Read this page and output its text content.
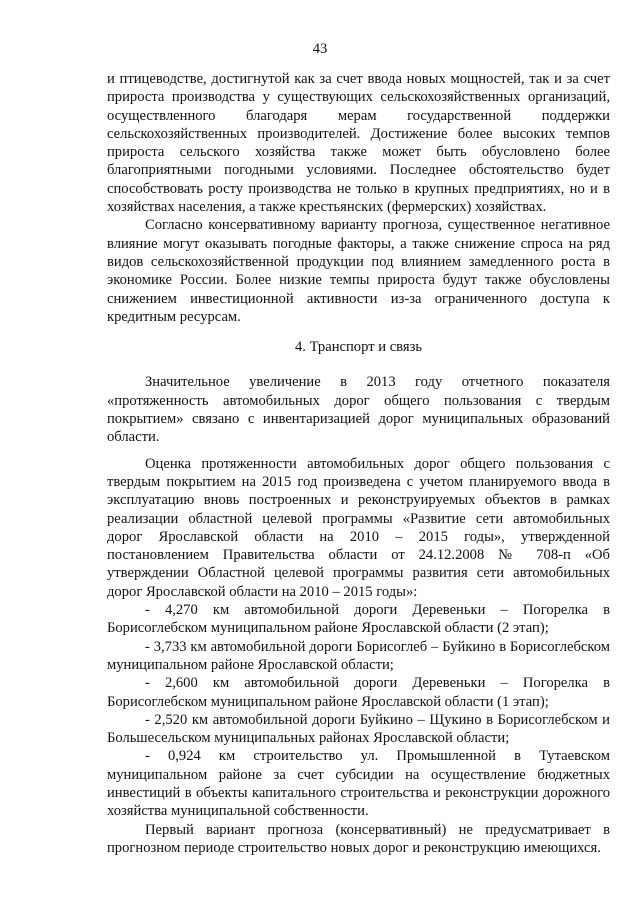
43

и птицеводстве, достигнутой как за счет ввода новых мощностей, так и за счет прироста производства у существующих сельскохозяйственных организаций, осуществленного благодаря мерам государственной поддержки сельскохозяйственных производителей. Достижение более высоких темпов прироста сельского хозяйства также может быть обусловлено более благоприятными погодными условиями. Последнее обстоятельство будет способствовать росту производства не только в крупных предприятиях, но и в хозяйствах населения, а также крестьянских (фермерских) хозяйствах.

Согласно консервативному варианту прогноза, существенное негативное влияние могут оказывать погодные факторы, а также снижение спроса на ряд видов сельскохозяйственной продукции под влиянием замедленного роста в экономике России. Более низкие темпы прироста будут также обусловлены снижением инвестиционной активности из-за ограниченного доступа к кредитным ресурсам.

4. Транспорт и связь

Значительное увеличение в 2013 году отчетного показателя «протяженность автомобильных дорог общего пользования с твердым покрытием» связано с инвентаризацией дорог муниципальных образований области.

Оценка протяженности автомобильных дорог общего пользования с твердым покрытием на 2015 год произведена с учетом планируемого ввода в эксплуатацию вновь построенных и реконструируемых объектов в рамках реализации областной целевой программы «Развитие сети автомобильных дорог Ярославской области на 2010 – 2015 годы», утвержденной постановлением Правительства области от 24.12.2008 № 708-п «Об утверждении Областной целевой программы развития сети автомобильных дорог Ярославской области на 2010 – 2015 годы»:

- 4,270 км автомобильной дороги Деревеньки – Погорелка в Борисоглебском муниципальном районе Ярославской области (2 этап);

- 3,733 км автомобильной дороги Борисоглеб – Буйкино в Борисоглебском муниципальном районе Ярославской области;

- 2,600 км автомобильной дороги Деревеньки – Погорелка в Борисоглебском муниципальном районе Ярославской области (1 этап);

- 2,520 км автомобильной дороги Буйкино – Щукино в Борисоглебском и Большесельском муниципальных районах Ярославской области;

- 0,924 км строительство ул. Промышленной в Тутаевском муниципальном районе за счет субсидии на осуществление бюджетных инвестиций в объекты капитального строительства и реконструкции дорожного хозяйства муниципальной собственности.

Первый вариант прогноза (консервативный) не предусматривает в прогнозном периоде строительство новых дорог и реконструкцию имеющихся.
